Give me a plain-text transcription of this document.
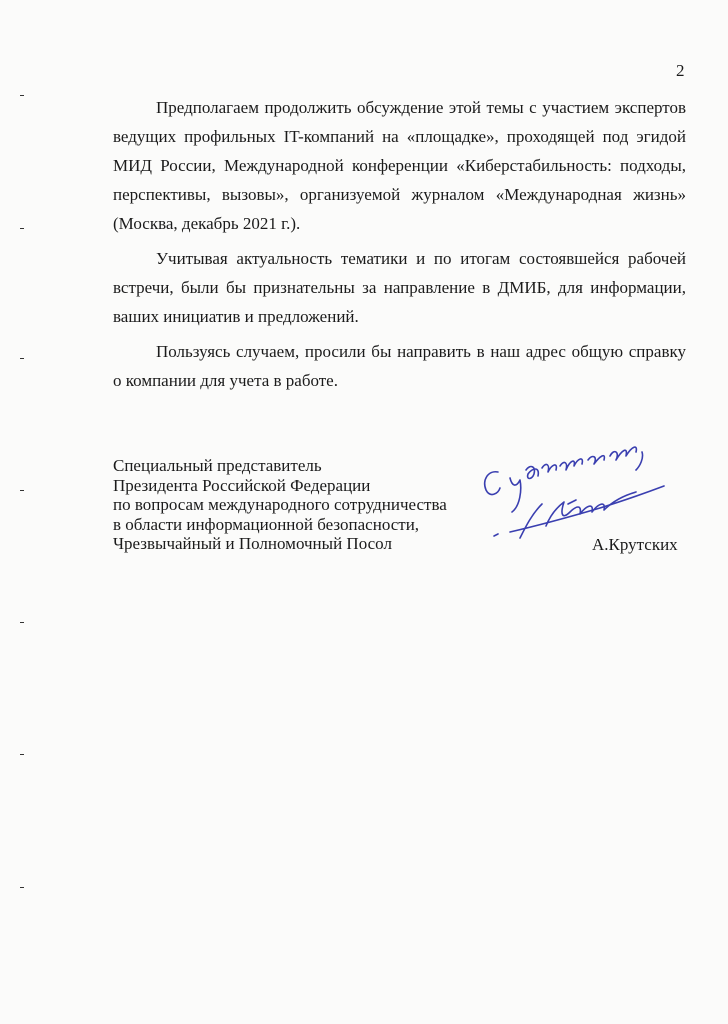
2
Предполагаем продолжить обсуждение этой темы с участием экспертов
ведущих профильных IT-компаний на «площадке», проходящей под эгидой
МИД России, Международной конференции «Киберстабильность: подходы,
перспективы, вызовы», организуемой журналом «Международная жизнь»
(Москва, декабрь 2021 г.).
Учитывая актуальность тематики и по итогам состоявшейся рабочей
встречи, были бы признательны за направление в ДМИБ, для информации,
ваших инициатив и предложений.
Пользуясь случаем, просили бы направить в наш адрес общую справку
о компании для учета в работе.
Специальный представитель
Президента Российской Федерации
по вопросам международного сотрудничества
в области информационной безопасности,
Чрезвычайный и Полномочный Посол	А.Крутских
